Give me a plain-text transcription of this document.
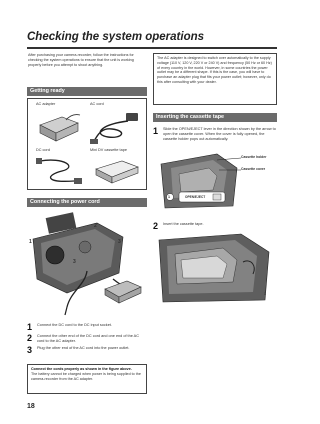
Checking the system operations
After purchasing your camera-recorder, follow the instructions for checking the system operations to ensure that the unit is working properly before you attempt to shoot anything.
Getting ready
AC adapter	AC cord
DC cord	Mini DV cassette tape
Connecting the power cord
1
2
3
3
1	Connect the DC cord to the DC input socket.
2	Connect the other end of the DC cord and one end of the AC cord to the AC adapter.
3	Plug the other end of the AC cord into the power outlet.
Connect the cords properly as shown in the figure above.
The battery cannot be charged when power is being supplied to the camera-recorder from the AC adapter.
The AC adapter is designed to switch over automatically to the supply voltage (110 V, 120 V, 220 V or 240 V) and frequency (50 Hz or 60 Hz) of every country in the world. However, in some countries the power outlet may be a different shape. If this is the case, you will have to purchase an adapter plug that fits your power outlet; however, only do this after consulting with your dealer.
Inserting the cassette tape
1	Slide the OPEN/EJECT lever in the direction shown by the arrow to open the cassette cover. When the cover is fully opened, the cassette holder pops out automatically.
Cassette holder
Cassette cover
1	OPEN/EJECT
2	Insert the cassette tape.
1
18
